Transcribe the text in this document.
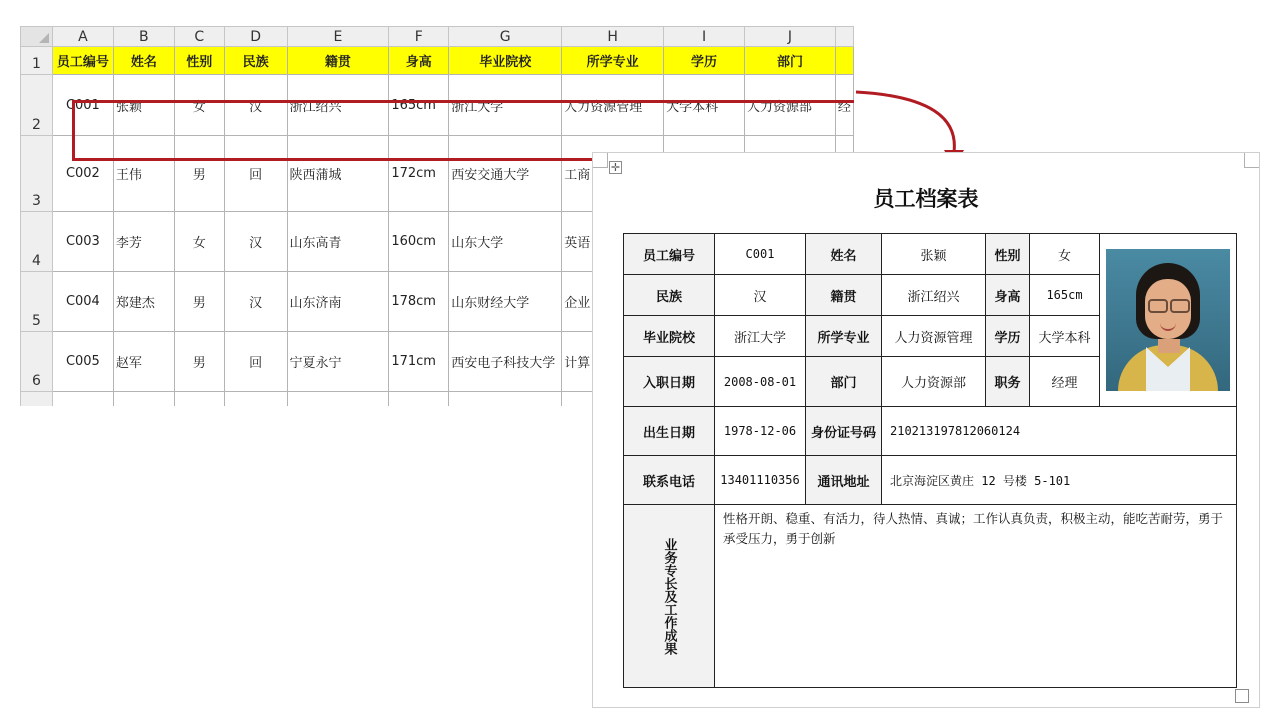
	A	B	C	D	E	F	G	H	I	J	
1	员工编号	姓名	性别	民族	籍贯	身高	毕业院校	所学专业	学历	部门	
2	C001	张颖	女	汉	浙江绍兴	165cm	浙江大学	人力资源管理	大学本科	人力资源部	经
3	C002	王伟	男	回	陕西蒲城	172cm	西安交通大学	工商			
4	C003	李芳	女	汉	山东高青	160cm	山东大学	英语			
5	C004	郑建杰	男	汉	山东济南	178cm	山东财经大学	企业			
6	C005	赵军	男	回	宁夏永宁	171cm	西安电子科技大学	计算			

✛
员工档案表
员工编号	C001	姓名	张颖	性别	女	

民族	汉	籍贯	浙江绍兴	身高	165cm	
毕业院校	浙江大学	所学专业	人力资源管理	学历	大学本科	
入职日期	2008-08-01	部门	人力资源部	职务	经理	
出生日期	1978-12-06	身份证号码	210213197812060124			
联系电话	13401110356	通讯地址	北京海淀区黄庄 12 号楼 5-101			

业务专长及工作成果	性格开朗、稳重、有活力，待人热情、真诚；工作认真负责，积极主动，能吃苦耐劳，勇于承受压力，勇于创新					
